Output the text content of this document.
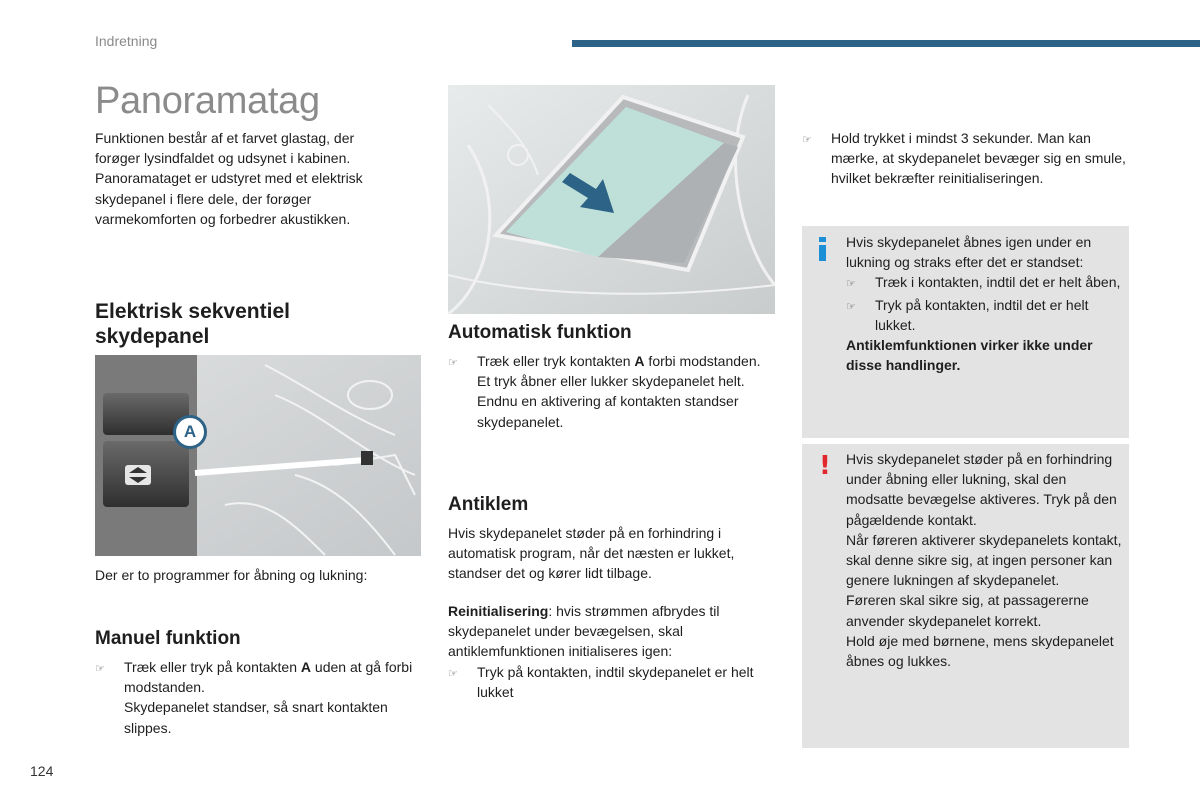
Indretning
Panoramatag

Funktionen består af et farvet glastag, der forøger lysindfaldet og udsynet i kabinen. Panoramataget er udstyret med et elektrisk skydepanel i flere dele, der forøger varmekomforten og forbedrer akustikken.

Elektrisk sekventiel
skydepanel
A

Der er to programmer for åbning og lukning:

Manuel funktion
☞	Træk eller tryk på kontakten A uden at gå forbi modstanden.
Skydepanelet standser, så snart kontakten slippes.
Automatisk funktion
☞	Træk eller tryk kontakten A forbi modstanden.
Et tryk åbner eller lukker skydepanelet helt. Endnu en aktivering af kontakten standser skydepanelet.
Antiklem

Hvis skydepanelet støder på en forhindring i automatisk program, når det næsten er lukket, standser det og kører lidt tilbage.

Reinitialisering: hvis strømmen afbrydes til skydepanelet under bevægelsen, skal antiklemfunktionen initialiseres igen:

☞	Tryk på kontakten, indtil skydepanelet er helt lukket
☞	Hold trykket i mindst 3 sekunder. Man kan mærke, at skydepanelet bevæger sig en smule, hvilket bekræfter reinitialiseringen.
Hvis skydepanelet åbnes igen under en lukning og straks efter det er standset:
☞	Træk i kontakten, indtil det er helt åben,
☞	Tryk på kontakten, indtil det er helt lukket.
Antiklemfunktionen virker ikke under disse handlinger.
! Hvis skydepanelet støder på en forhindring under åbning eller lukning, skal den modsatte bevægelse aktiveres. Tryk på den pågældende kontakt.
Når føreren aktiverer skydepanelets kontakt, skal denne sikre sig, at ingen personer kan genere lukningen af skydepanelet.
Føreren skal sikre sig, at passagererne anvender skydepanelet korrekt.
Hold øje med børnene, mens skydepanelet åbnes og lukkes.
124
